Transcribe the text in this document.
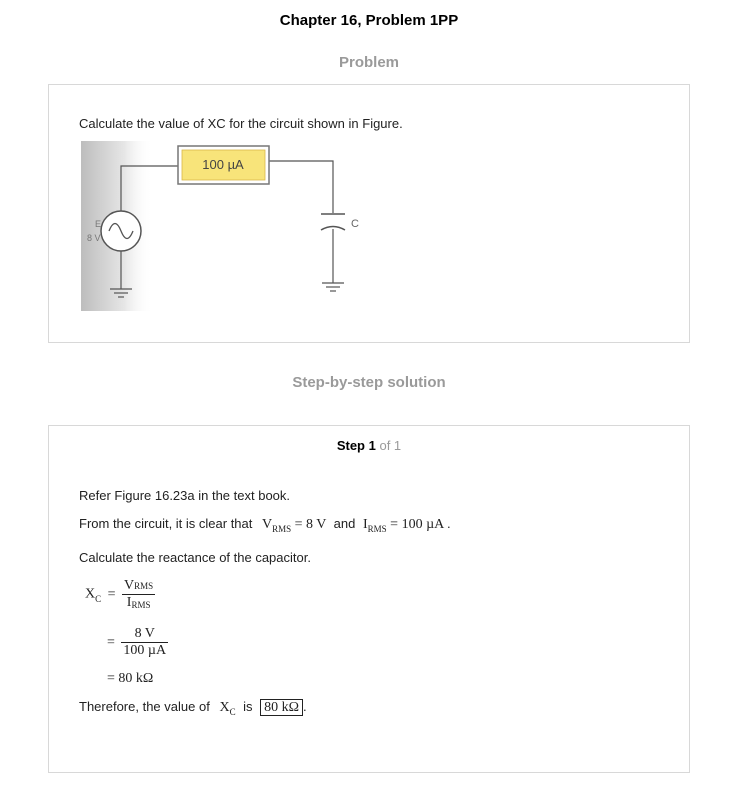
Chapter 16, Problem 1PP
Problem
Calculate the value of XC for the circuit shown in Figure.
100 µA
E
8 V
C
Step-by-step solution
Step 1 of 1
Refer Figure 16.23a in the text book.
From the circuit, it is clear that $V_{RMS} = 8$ V and $I_{RMS} = 100$ µA .
Calculate the reactance of the capacitor.
$X_C = \frac{\text{VRMS}}{\text{IRMS}}$
= $\frac{8 V}{\text{100 µA}}$
= 80 kΩ
Therefore, the value of $X_C$ is 80 kΩ .
